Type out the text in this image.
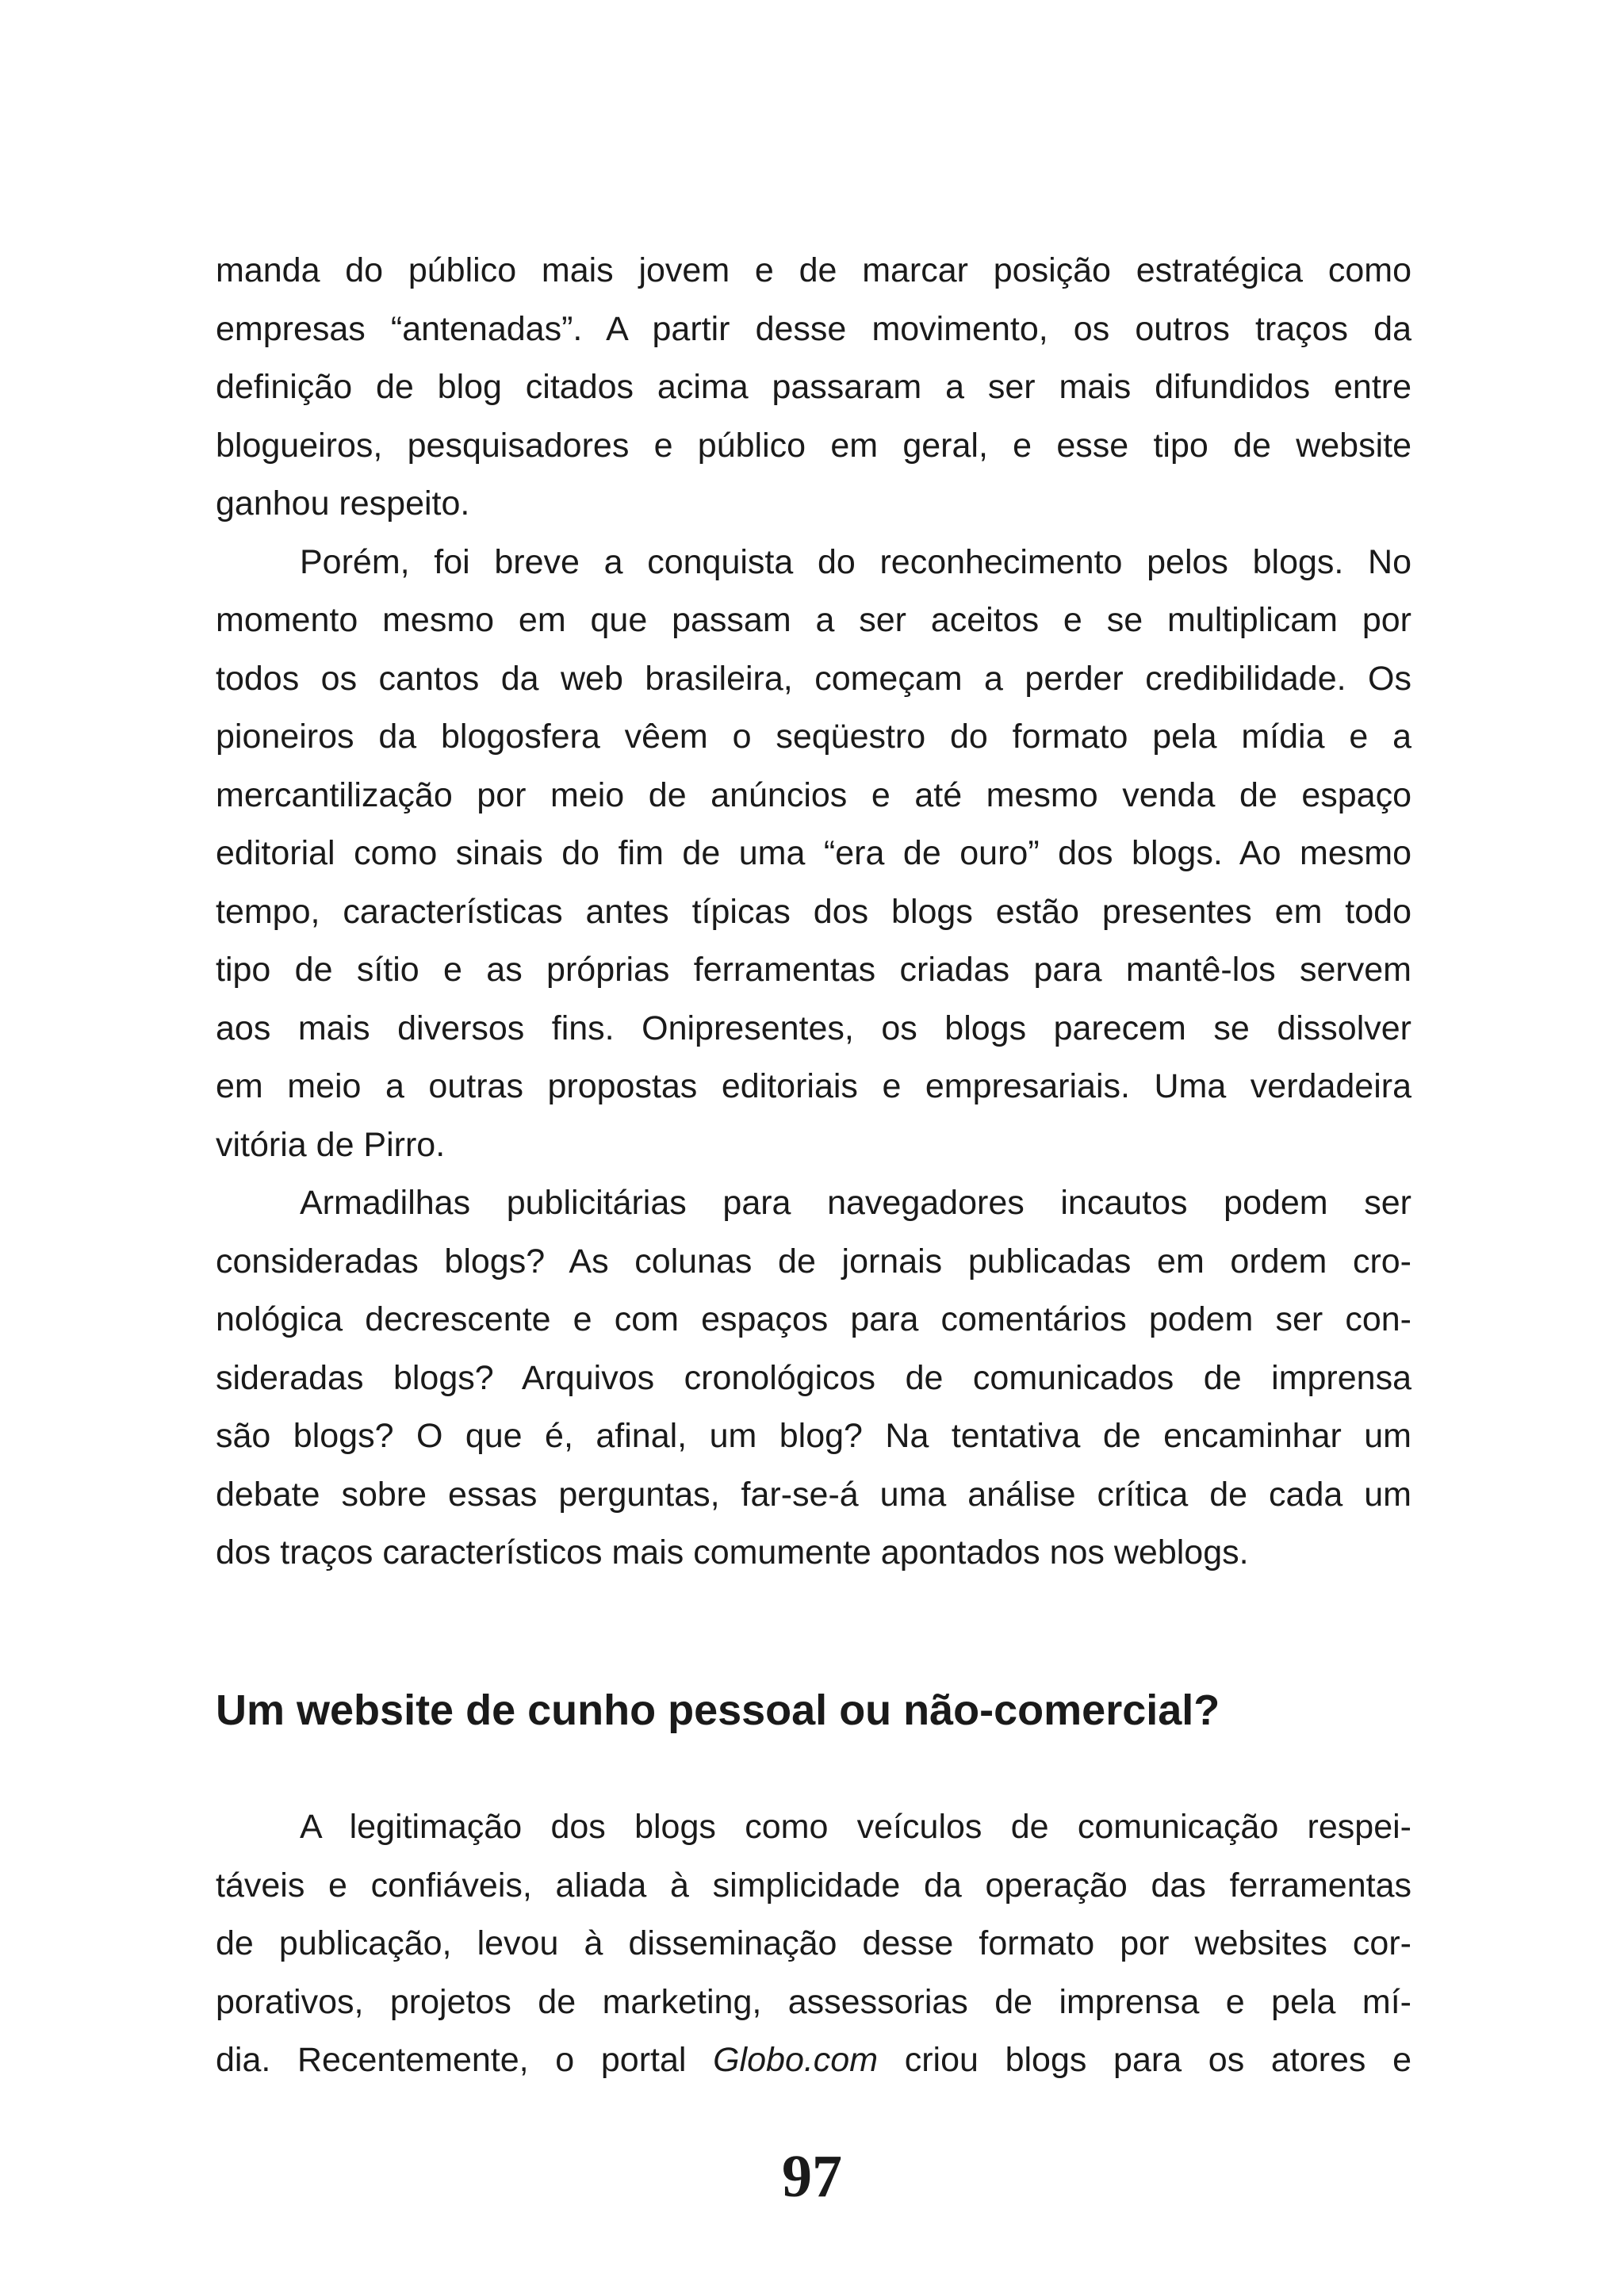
manda do público mais jovem e de marcar posição estratégica como
empresas “antenadas”. A partir desse movimento, os outros traços da
definição de blog citados acima passaram a ser mais difundidos entre
blogueiros, pesquisadores e público em geral, e esse tipo de website
ganhou respeito.

Porém, foi breve a conquista do reconhecimento pelos blogs. No
momento mesmo em que passam a ser aceitos e se multiplicam por
todos os cantos da web brasileira, começam a perder credibilidade. Os
pioneiros da blogosfera vêem o seqüestro do formato pela mídia e a
mercantilização por meio de anúncios e até mesmo venda de espaço
editorial como sinais do fim de uma “era de ouro” dos blogs. Ao mesmo
tempo, características antes típicas dos blogs estão presentes em todo
tipo de sítio e as próprias ferramentas criadas para mantê-los servem
aos mais diversos fins. Onipresentes, os blogs parecem se dissolver
em meio a outras propostas editoriais e empresariais. Uma verdadeira
vitória de Pirro.

Armadilhas publicitárias para navegadores incautos podem ser
consideradas blogs? As colunas de jornais publicadas em ordem cro-
nológica decrescente e com espaços para comentários podem ser con-
sideradas blogs? Arquivos cronológicos de comunicados de imprensa
são blogs? O que é, afinal, um blog? Na tentativa de encaminhar um
debate sobre essas perguntas, far-se-á uma análise crítica de cada um
dos traços característicos mais comumente apontados nos weblogs.

Um website de cunho pessoal ou não-comercial?

A legitimação dos blogs como veículos de comunicação respei-
táveis e confiáveis, aliada à simplicidade da operação das ferramentas
de publicação, levou à disseminação desse formato por websites cor-
porativos, projetos de marketing, assessorias de imprensa e pela mí-
dia. Recentemente, o portal Globo.com criou blogs para os atores e

97
